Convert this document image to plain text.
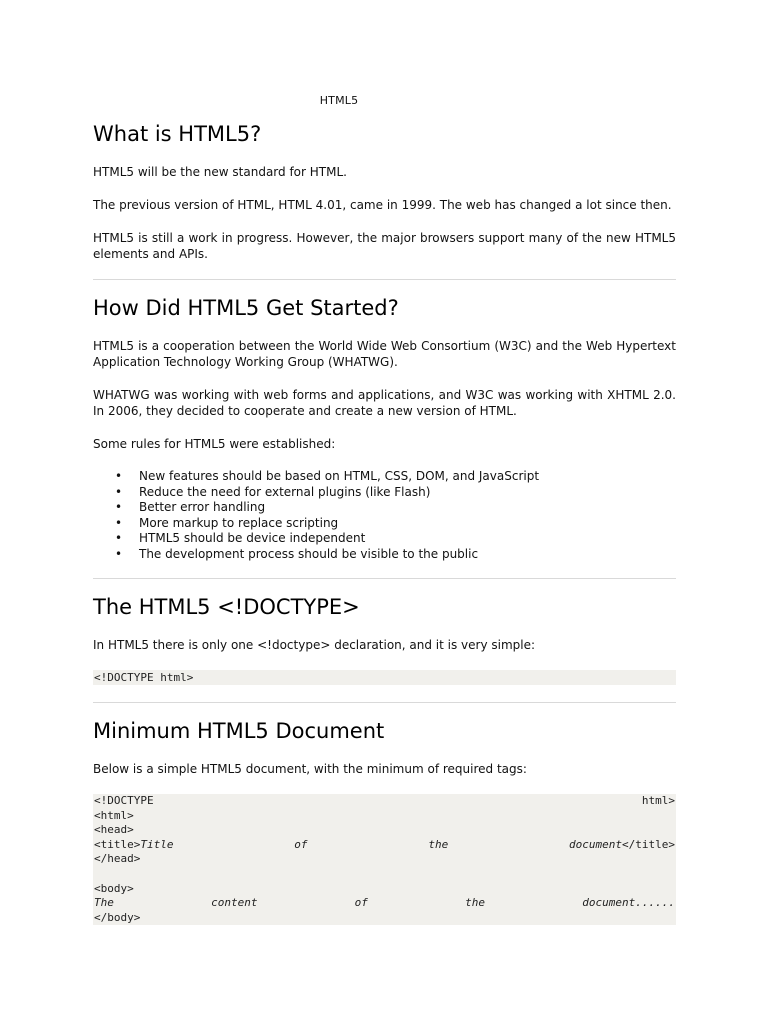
HTML5
What is HTML5?

HTML5 will be the new standard for HTML.

The previous version of HTML, HTML 4.01, came in 1999. The web has changed a lot since then.

HTML5 is still a work in progress. However, the major browsers support many of the new HTML5 elements and APIs.

How Did HTML5 Get Started?

HTML5 is a cooperation between the World Wide Web Consortium (W3C) and the Web Hypertext Application Technology Working Group (WHATWG).

WHATWG was working with web forms and applications, and W3C was working with XHTML 2.0. In 2006, they decided to cooperate and create a new version of HTML.

Some rules for HTML5 were established:

• New features should be based on HTML, CSS, DOM, and JavaScript
• Reduce the need for external plugins (like Flash)
• Better error handling
• More markup to replace scripting
• HTML5 should be device independent
• The development process should be visible to the public
The HTML5 <!DOCTYPE>

In HTML5 there is only one <!doctype> declaration, and it is very simple:

<!DOCTYPE html>
Minimum HTML5 Document

Below is a simple HTML5 document, with the minimum of required tags:

<!DOCTYPE	html>
<html>
<head>
<title>Title	of	the	document</title>
</head>
<body>
The	content	of	the	document......
</body>
